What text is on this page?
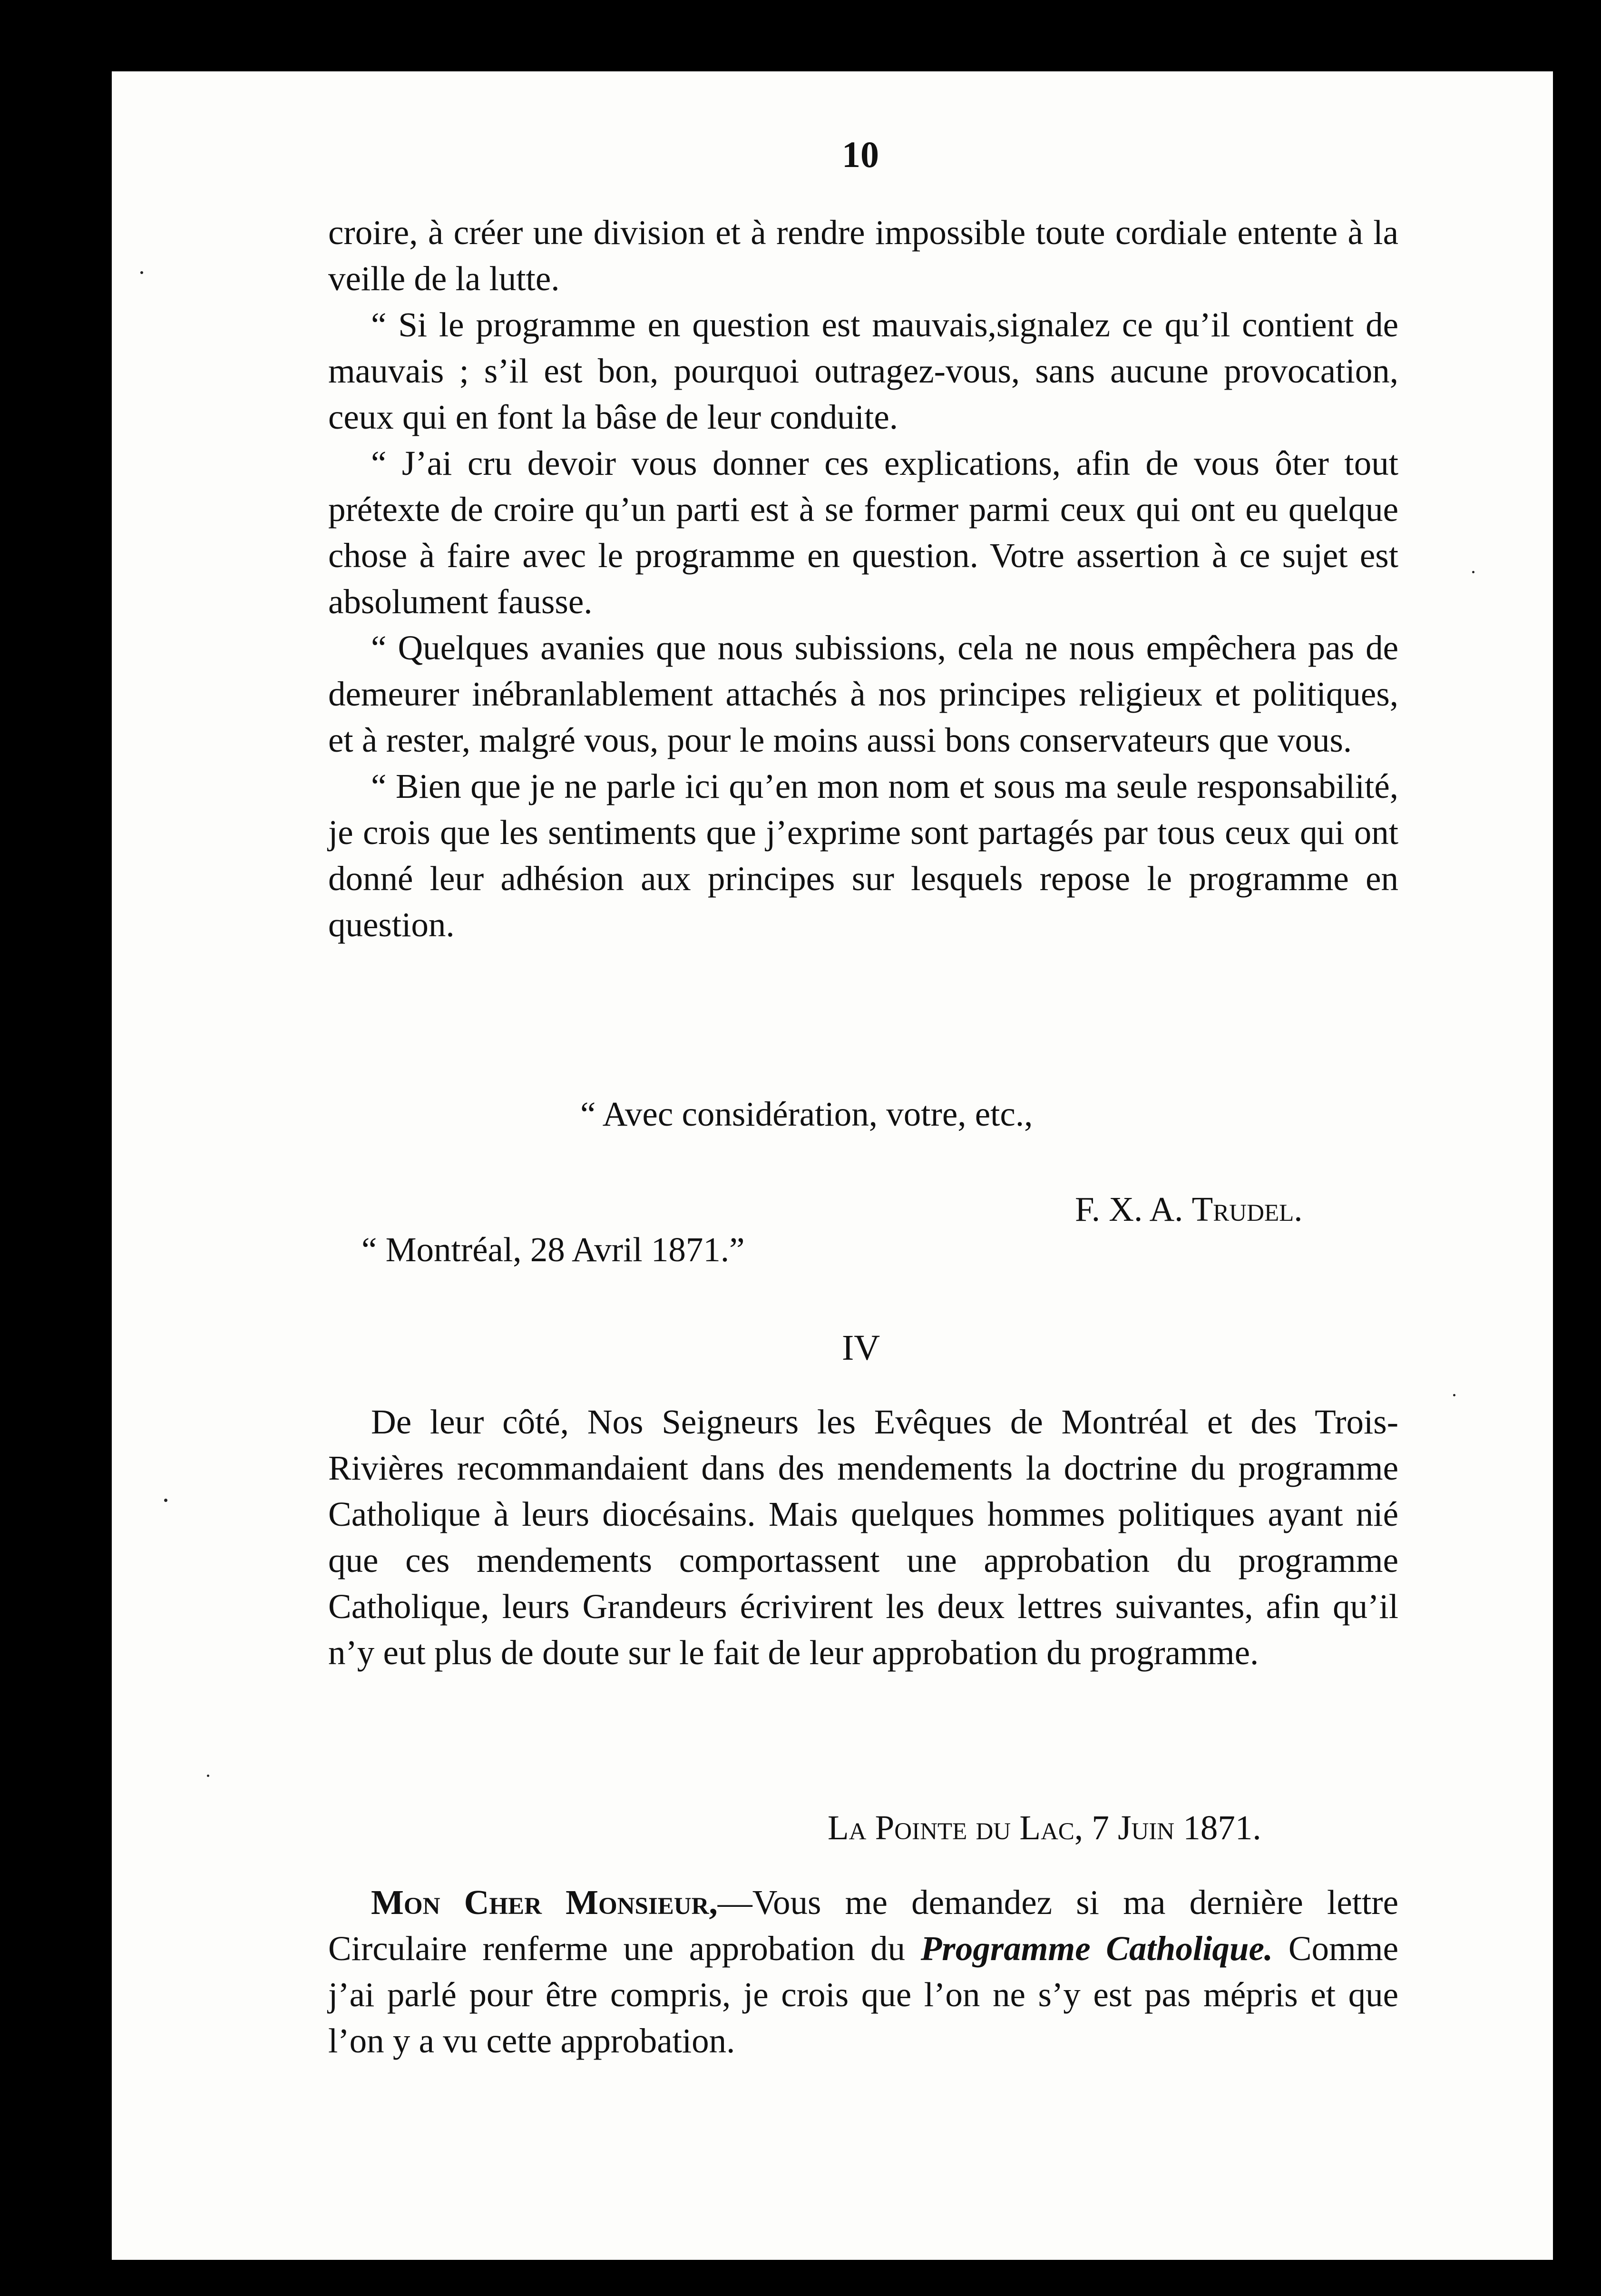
10

croire, à créer une division et à rendre impossible toute cordiale entente à la veille de la lutte.

“ Si le programme en question est mauvais,signalez ce qu’il contient de mauvais ; s’il est bon, pourquoi outragez-vous, sans aucune provocation, ceux qui en font la bâse de leur conduite.

“ J’ai cru devoir vous donner ces explications, afin de vous ôter tout prétexte de croire qu’un parti est à se former parmi ceux qui ont eu quelque chose à faire avec le programme en question. Votre assertion à ce sujet est absolument fausse.

“ Quelques avanies que nous subissions, cela ne nous empêchera pas de demeurer inébranlablement attachés à nos principes religieux et politiques, et à rester, malgré vous, pour le moins aussi bons conservateurs que vous.

“ Bien que je ne parle ici qu’en mon nom et sous ma seule responsabilité, je crois que les sentiments que j’exprime sont partagés par tous ceux qui ont donné leur adhésion aux principes sur lesquels repose le programme en question.

“ Avec considération, votre, etc.,
F. X. A. Trudel.
“ Montréal, 28 Avril 1871.”
IV

De leur côté, Nos Seigneurs les Evêques de Montréal et des Trois-Rivières recommandaient dans des mendements la doctrine du programme Catholique à leurs diocésains. Mais quelques hommes politiques ayant nié que ces mendements comportassent une approbation du programme Catholique, leurs Grandeurs écrivirent les deux lettres suivantes, afin qu’il n’y eut plus de doute sur le fait de leur approbation du programme.

La Pointe du Lac, 7 Juin 1871.

Mon Cher Monsieur,—Vous me demandez si ma dernière lettre Circulaire renferme une approbation du Programme Catholique. Comme j’ai parlé pour être compris, je crois que l’on ne s’y est pas mépris et que l’on y a vu cette approbation.
